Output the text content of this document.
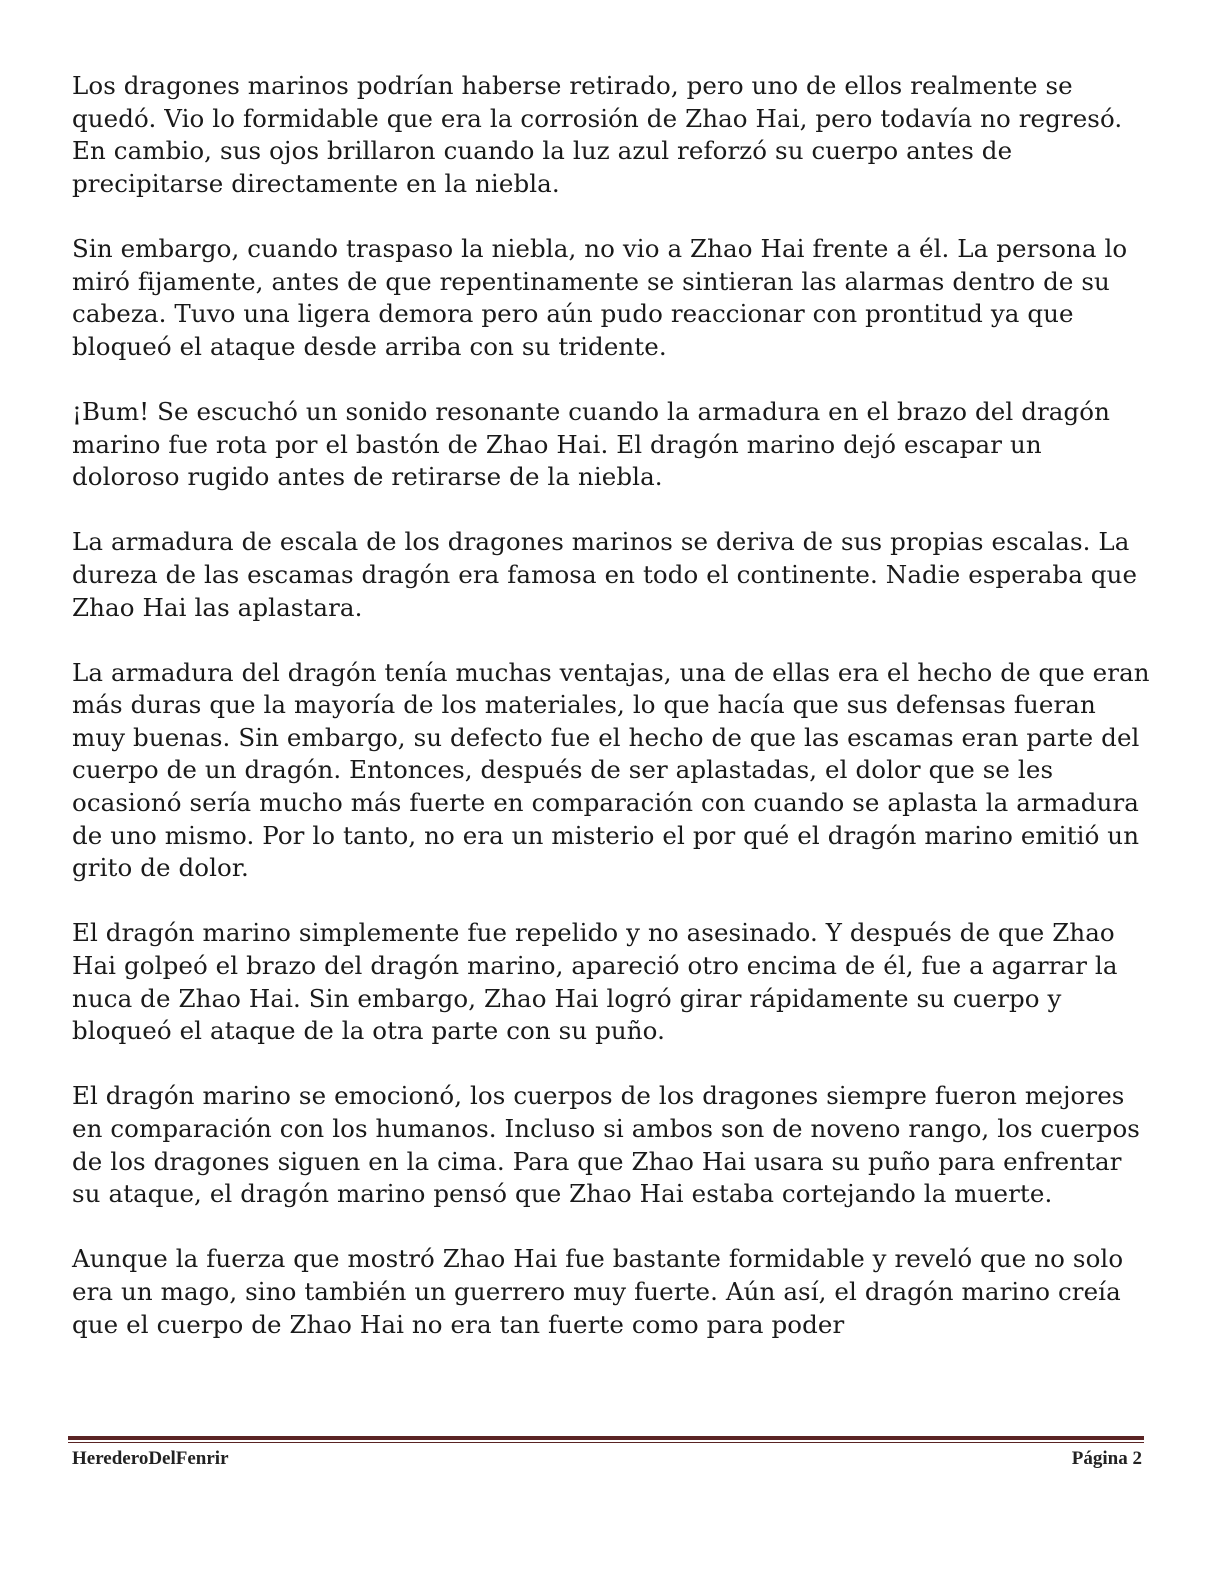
Los dragones marinos podrían haberse retirado, pero uno de ellos realmente se quedó. Vio lo formidable que era la corrosión de Zhao Hai, pero todavía no regresó. En cambio, sus ojos brillaron cuando la luz azul reforzó su cuerpo antes de precipitarse directamente en la niebla.

Sin embargo, cuando traspaso la niebla, no vio a Zhao Hai frente a él. La persona lo miró fijamente, antes de que repentinamente se sintieran las alarmas dentro de su cabeza. Tuvo una ligera demora pero aún pudo reaccionar con prontitud ya que bloqueó el ataque desde arriba con su tridente.

¡Bum! Se escuchó un sonido resonante cuando la armadura en el brazo del dragón marino fue rota por el bastón de Zhao Hai. El dragón marino dejó escapar un doloroso rugido antes de retirarse de la niebla.

La armadura de escala de los dragones marinos se deriva de sus propias escalas. La dureza de las escamas dragón era famosa en todo el continente. Nadie esperaba que Zhao Hai las aplastara.

La armadura del dragón tenía muchas ventajas, una de ellas era el hecho de que eran más duras que la mayoría de los materiales, lo que hacía que sus defensas fueran muy buenas. Sin embargo, su defecto fue el hecho de que las escamas eran parte del cuerpo de un dragón. Entonces, después de ser aplastadas, el dolor que se les ocasionó sería mucho más fuerte en comparación con cuando se aplasta la armadura de uno mismo. Por lo tanto, no era un misterio el por qué el dragón marino emitió un grito de dolor.

El dragón marino simplemente fue repelido y no asesinado. Y después de que Zhao Hai golpeó el brazo del dragón marino, apareció otro encima de él, fue a agarrar la nuca de Zhao Hai. Sin embargo, Zhao Hai logró girar rápidamente su cuerpo y bloqueó el ataque de la otra parte con su puño.

El dragón marino se emocionó, los cuerpos de los dragones siempre fueron mejores en comparación con los humanos. Incluso si ambos son de noveno rango, los cuerpos de los dragones siguen en la cima. Para que Zhao Hai usara su puño para enfrentar su ataque, el dragón marino pensó que Zhao Hai estaba cortejando la muerte.

Aunque la fuerza que mostró Zhao Hai fue bastante formidable y reveló que no solo era un mago, sino también un guerrero muy fuerte. Aún así, el dragón marino creía que el cuerpo de Zhao Hai no era tan fuerte como para poder

HerederoDelFenrir	Página 2
